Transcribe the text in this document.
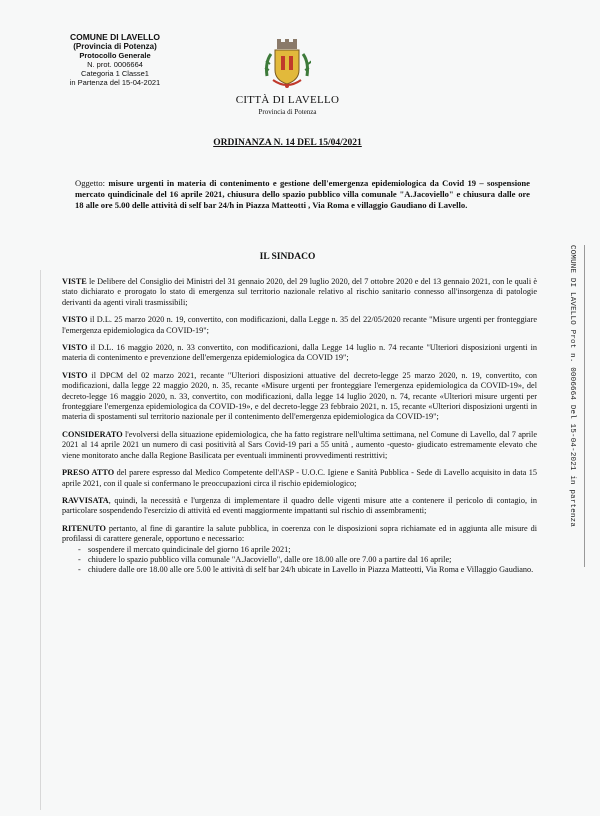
COMUNE DI LAVELLO
(Provincia di Potenza)
Protocollo Generale
N. prot. 0006664
Categoria 1 Classe1
in Partenza del 15-04-2021
CITTÀ DI LAVELLO
Provincia di Potenza
ORDINANZA N. 14 DEL 15/04/2021
Oggetto: misure urgenti in materia di contenimento e gestione dell'emergenza epidemiologica da Covid 19 – sospensione mercato quindicinale del 16 aprile 2021, chiusura dello spazio pubblico villa comunale "A.Jacoviello" e chiusura dalle ore 18 alle ore 5.00 delle attività di self bar 24/h in Piazza Matteotti , Via Roma e villaggio Gaudiano di Lavello.
IL SINDACO

VISTE le Delibere del Consiglio dei Ministri del 31 gennaio 2020, del 29 luglio 2020, del 7 ottobre 2020 e del 13 gennaio 2021, con le quali è stato dichiarato e prorogato lo stato di emergenza sul territorio nazionale relativo al rischio sanitario connesso all'insorgenza di patologie derivanti da agenti virali trasmissibili;

VISTO il D.L. 25 marzo 2020 n. 19, convertito, con modificazioni, dalla Legge n. 35 del 22/05/2020 recante "Misure urgenti per fronteggiare l'emergenza epidemiologica da COVID-19";

VISTO il D.L. 16 maggio 2020, n. 33 convertito, con modificazioni, dalla Legge 14 luglio n. 74 recante "Ulteriori disposizioni urgenti in materia di contenimento e prevenzione dell'emergenza epidemiologica da COVID 19";

VISTO il DPCM del 02 marzo 2021, recante "Ulteriori disposizioni attuative del decreto-legge 25 marzo 2020, n. 19, convertito, con modificazioni, dalla legge 22 maggio 2020, n. 35, recante «Misure urgenti per fronteggiare l'emergenza epidemiologica da COVID-19», del decreto-legge 16 maggio 2020, n. 33, convertito, con modificazioni, dalla legge 14 luglio 2020, n. 74, recante «Ulteriori misure urgenti per fronteggiare l'emergenza epidemiologica da COVID-19», e del decreto-legge 23 febbraio 2021, n. 15, recante «Ulteriori disposizioni urgenti in materia di spostamenti sul territorio nazionale per il contenimento dell'emergenza epidemiologica da COVID-19";

CONSIDERATO l'evolversi della situazione epidemiologica, che ha fatto registrare nell'ultima settimana, nel Comune di Lavello, dal 7 aprile 2021 al 14 aprile 2021 un numero di casi positività al Sars Covid-19 pari a 55 unità , aumento -questo- giudicato estremamente elevato che viene monitorato anche dalla Regione Basilicata per eventuali imminenti provvedimenti restrittivi;

PRESO ATTO del parere espresso dal Medico Competente dell'ASP - U.O.C. Igiene e Sanità Pubblica - Sede di Lavello acquisito in data 15 aprile 2021, con il quale si confermano le preoccupazioni circa il rischio epidemiologico;

RAVVISATA, quindi, la necessità e l'urgenza di implementare il quadro delle vigenti misure atte a contenere il pericolo di contagio, in particolare sospendendo l'esercizio di attività ed eventi maggiormente impattanti sul rischio di assembramenti;

RITENUTO pertanto, al fine di garantire la salute pubblica, in coerenza con le disposizioni sopra richiamate ed in aggiunta alle misure di profilassi di carattere generale, opportuno e necessario:

- sospendere il mercato quindicinale del giorno 16 aprile 2021;
- chiudere lo spazio pubblico villa comunale "A.Jacoviello", dalle ore 18.00 alle ore 7.00 a partire dal 16 aprile;
- chiudere dalle ore 18.00 alle ore 5.00 le attività di self bar 24/h ubicate in Lavello in Piazza Matteotti, Via Roma e Villaggio Gaudiano.
COMUNE DI LAVELLO Prot n. 0006664 Del 15-04-2021 in partenza
